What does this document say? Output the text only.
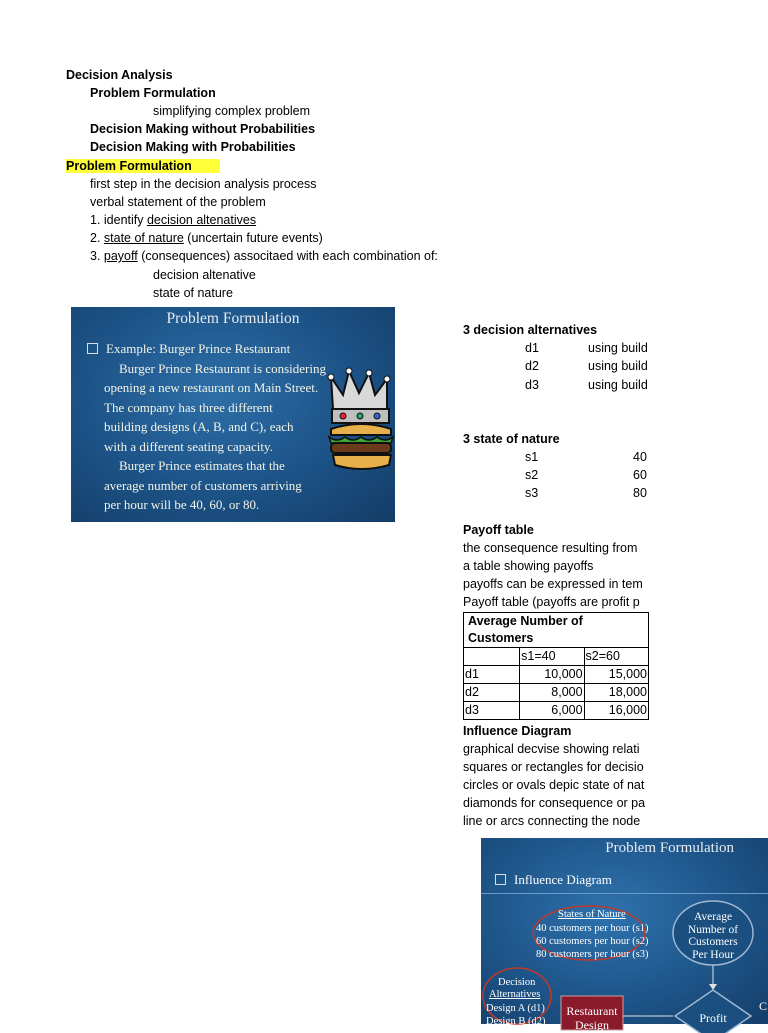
Decision Analysis
Problem Formulation
simplifying complex problem
Decision Making without Probabilities
Decision Making with Probabilities
Problem Formulation
first step in the decision analysis process
verbal statement of the problem
1. identify decision altenatives
2. state of nature (uncertain future events)
3. payoff (consequences) associtaed with each combination of:
decision altenative
state of nature
Problem Formulation
Example: Burger Prince Restaurant
Burger Prince Restaurant is considering
opening a new restaurant on Main Street.
The company has three different
building designs (A, B, and C), each
with a different seating capacity.
Burger Prince estimates that the
average number of customers arriving
per hour will be 40, 60, or 80.
3 decision alternatives
d1	using build
d2	using build
d3	using build
3 state of nature
s1	40
s2	60
s3	80
Payoff table
the consequence resulting from
a table showing payoffs
payoffs can be expressed in tem
Payoff table (payoffs are profit p
Average Number of Customers		
	s1=40	s2=60
d1	10,000	15,000
d2	8,000	18,000
d3	6,000	16,000
Influence Diagram
graphical decvise showing relati
squares or rectangles for decisio
circles or ovals depic state of nat
diamonds for consequence or pa
line or arcs connecting the node
Problem Formulation
Influence Diagram
States of Nature
40 customers per hour (s1)
60 customers per hour (s2)
80 customers per hour (s3)
Average
Number of
Customers
Per Hour
Decision
Alternatives
Design A (d1)
Design B (d2)
Restaurant
Design	Profit
C
